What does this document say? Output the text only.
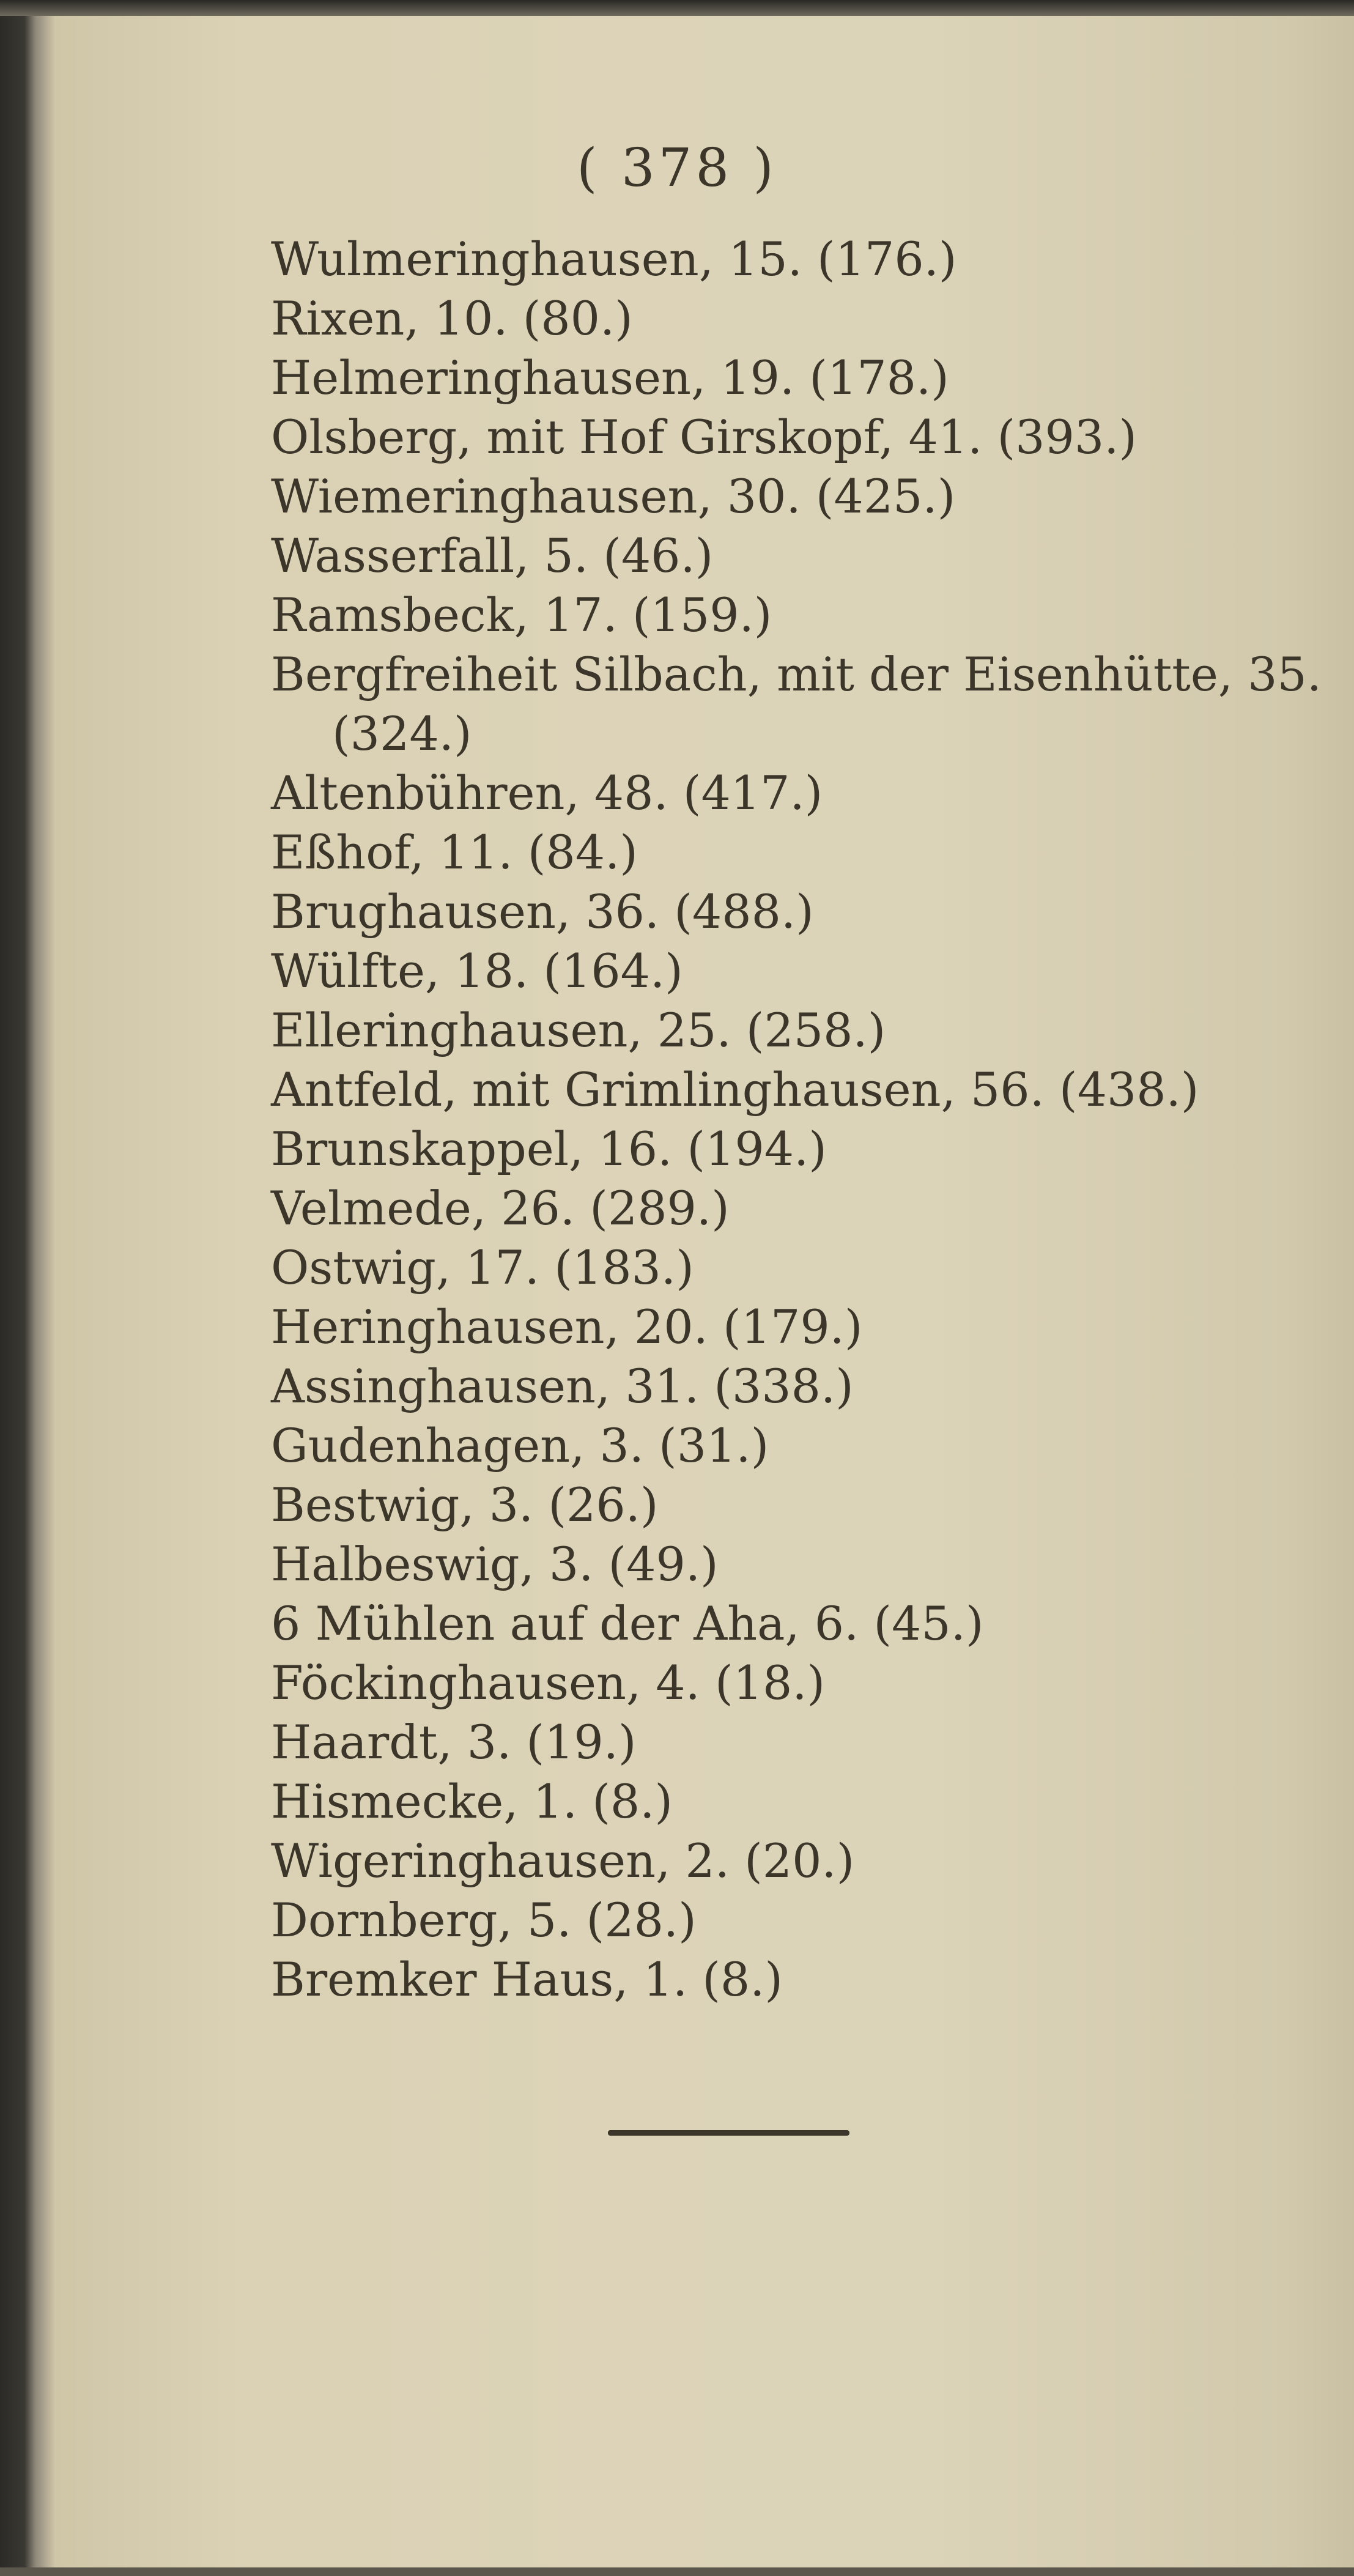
( 378 )
Wulmeringhausen, 15. (176.)
Rixen, 10. (80.)
Helmeringhausen, 19. (178.)
Olsberg, mit Hof Girskopf, 41. (393.)
Wiemeringhausen, 30. (425.)
Wasserfall, 5. (46.)
Ramsbeck, 17. (159.)
Bergfreiheit Silbach, mit der Eisenhütte, 35.
(324.)
Altenbühren, 48. (417.)
Eßhof, 11. (84.)
Brughausen, 36. (488.)
Wülfte, 18. (164.)
Elleringhausen, 25. (258.)
Antfeld, mit Grimlinghausen, 56. (438.)
Brunskappel, 16. (194.)
Velmede, 26. (289.)
Ostwig, 17. (183.)
Heringhausen, 20. (179.)
Assinghausen, 31. (338.)
Gudenhagen, 3. (31.)
Bestwig, 3. (26.)
Halbeswig, 3. (49.)
6 Mühlen auf der Aha, 6. (45.)
Föckinghausen, 4. (18.)
Haardt, 3. (19.)
Hismecke, 1. (8.)
Wigeringhausen, 2. (20.)
Dornberg, 5. (28.)
Bremker Haus, 1. (8.)
